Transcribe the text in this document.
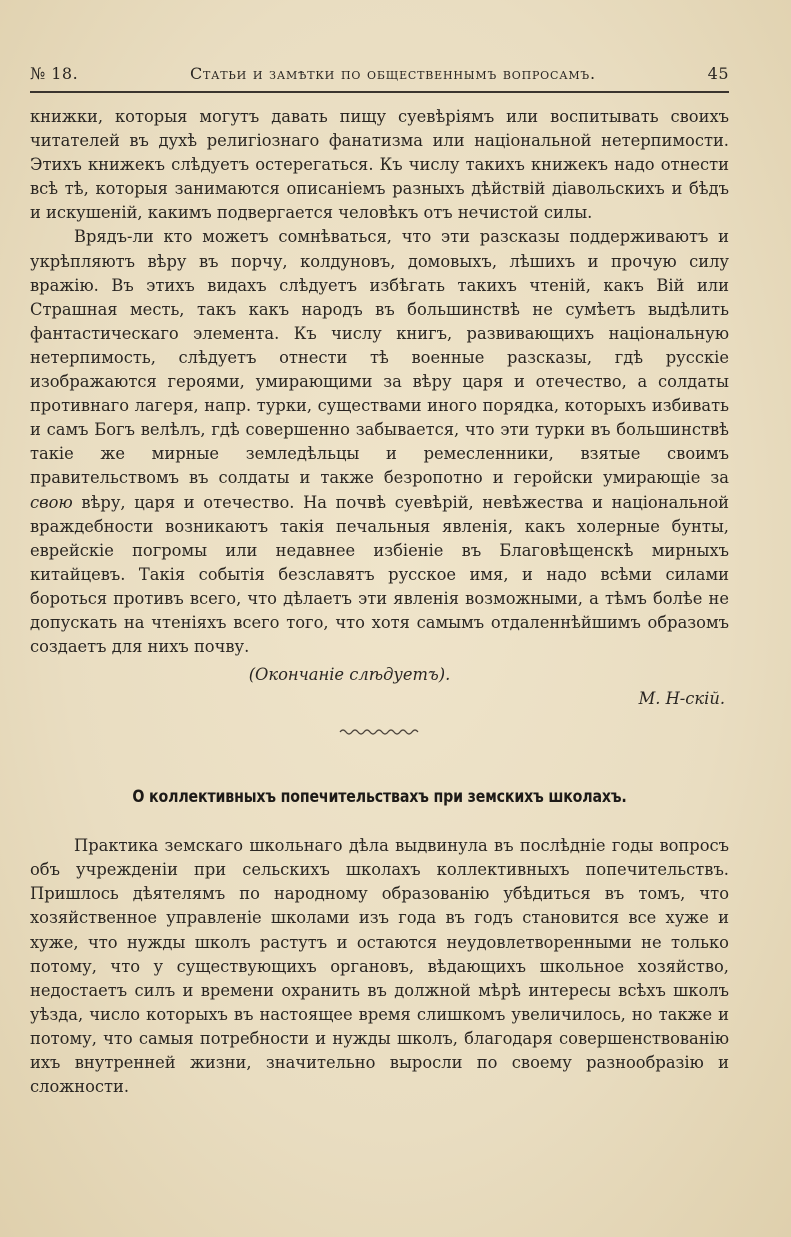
№ 18.	Статьи и замѣтки по общественнымъ вопросамъ.	45

книжки, которыя могутъ давать пищу суевѣріямъ или воспитывать своихъ читателей въ духѣ религіознаго фанатизма или національной нетерпимости. Этихъ книжекъ слѣдуетъ остерегаться. Къ числу такихъ книжекъ надо отнести всѣ тѣ, которыя занимаются описаніемъ разныхъ дѣйствій діавольскихъ и бѣдъ и искушеній, какимъ подвергается человѣкъ отъ нечистой силы.

Врядъ-ли кто можетъ сомнѣваться, что эти разсказы поддерживаютъ и укрѣпляютъ вѣру въ порчу, колдуновъ, домовыхъ, лѣшихъ и прочую силу вражію. Въ этихъ видахъ слѣдуетъ избѣгать такихъ чтеній, какъ Вій или Страшная месть, такъ какъ народъ въ большинствѣ не сумѣетъ выдѣлить фантастическаго элемента. Къ числу книгъ, развивающихъ національную нетерпимость, слѣдуетъ отнести тѣ военные разсказы, гдѣ русскіе изображаются героями, умирающими за вѣру царя и отечество, а солдаты противнаго лагеря, напр. турки, существами иного порядка, которыхъ избивать и самъ Богъ велѣлъ, гдѣ совершенно забывается, что эти турки въ большинствѣ такіе же мирные земледѣльцы и ремесленники, взятые своимъ правительствомъ въ солдаты и также безропотно и геройски умирающіе за свою вѣру, царя и отечество. На почвѣ суевѣрій, невѣжества и національной враждебности возникаютъ такія печальныя явленія, какъ холерные бунты, еврейскіе погромы или недавнее избіеніе въ Благовѣщенскѣ мирныхъ китайцевъ. Такія событія безславятъ русское имя, и надо всѣми силами бороться противъ всего, что дѣлаетъ эти явленія возможными, а тѣмъ болѣе не допускать на чтеніяхъ всего того, что хотя самымъ отдаленнѣйшимъ образомъ создаетъ для нихъ почву.

(Окончаніе слѣдуетъ).
М. Н-скій.
О коллективныхъ попечительствахъ при земскихъ школахъ.

Практика земскаго школьнаго дѣла выдвинула въ послѣдніе годы вопросъ объ учрежденіи при сельскихъ школахъ коллективныхъ попечительствъ. Пришлось дѣятелямъ по народному образованію убѣдиться въ томъ, что хозяйственное управленіе школами изъ года въ годъ становится все хуже и хуже, что нужды школъ растутъ и остаются неудовлетворенными не только потому, что у существующихъ органовъ, вѣдающихъ школьное хозяйство, недостаетъ силъ и времени охранить въ должной мѣрѣ интересы всѣхъ школъ уѣзда, число которыхъ въ настоящее время слишкомъ увеличилось, но также и потому, что самыя потребности и нужды школъ, благодаря совершенствованію ихъ внутренней жизни, значительно выросли по своему разнообразію и сложности.
